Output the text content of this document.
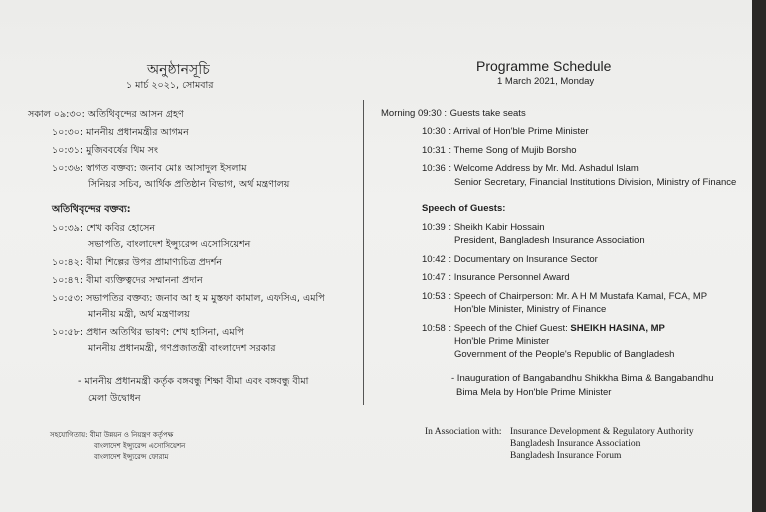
অনুষ্ঠানসূচি
১ মার্চ ২০২১, সোমবার
সকাল ০৯:৩০: অতিথিবৃন্দের আসন গ্রহণ
১০:৩০: মাননীয় প্রধানমন্ত্রীর আগমন
১০:৩১: মুজিববর্ষের থিম সং
১০:৩৬: স্বাগত বক্তব্য: জনাব মোঃ আসাদুল ইসলাম
সিনিয়র সচিব, আর্থিক প্রতিষ্ঠান বিভাগ, অর্থ মন্ত্রণালয়
অতিথিবৃন্দের বক্তব্য:
১০:৩৯: শেখ কবির হোসেন
সভাপতি, বাংলাদেশ ইন্স্যুরেন্স এসোসিয়েশন
১০:৪২: বীমা শিল্পের উপর প্রামাণ্যচিত্র প্রদর্শন
১০:৪৭: বীমা ব্যক্তিত্বদের সম্মাননা প্রদান
১০:৫৩: সভাপতির বক্তব্য: জনাব আ হ ম মুস্তফা কামাল, এফসিএ, এমপি
মাননীয় মন্ত্রী, অর্থ মন্ত্রণালয়
১০:৫৮: প্রধান অতিথির ভাষণ: শেখ হাসিনা, এমপি
মাননীয় প্রধানমন্ত্রী, গণপ্রজাতন্ত্রী বাংলাদেশ সরকার
- মাননীয় প্রধানমন্ত্রী কর্তৃক বঙ্গবন্ধু শিক্ষা বীমা এবং বঙ্গবন্ধু বীমা
মেলা উদ্বোধন
সহযোগিতায়: বীমা উন্নয়ন ও নিয়ন্ত্রণ কর্তৃপক্ষ
বাংলাদেশ ইন্স্যুরেন্স এসোসিয়েশন
বাংলাদেশ ইন্স্যুরেন্স ফোরাম
Programme Schedule
1 March 2021, Monday
Morning 09:30 : Guests take seats
10:30 : Arrival of Hon'ble Prime Minister
10:31 : Theme Song of Mujib Borsho
10:36 : Welcome Address by Mr. Md. Ashadul Islam
Senior Secretary, Financial Institutions Division, Ministry of Finance
Speech of Guests:
10:39 : Sheikh Kabir Hossain
President, Bangladesh Insurance Association
10:42 : Documentary on Insurance Sector
10:47 : Insurance Personnel Award
10:53 : Speech of Chairperson: Mr. A H M Mustafa Kamal, FCA, MP
Hon'ble Minister, Ministry of Finance
10:58 : Speech of the Chief Guest: SHEIKH HASINA, MP
Hon'ble Prime Minister
Government of the People's Republic of Bangladesh
- Inauguration of Bangabandhu Shikkha Bima & Bangabandhu
Bima Mela by Hon'ble Prime Minister
In Association with: Insurance Development & Regulatory Authority
Bangladesh Insurance Association
Bangladesh Insurance Forum
